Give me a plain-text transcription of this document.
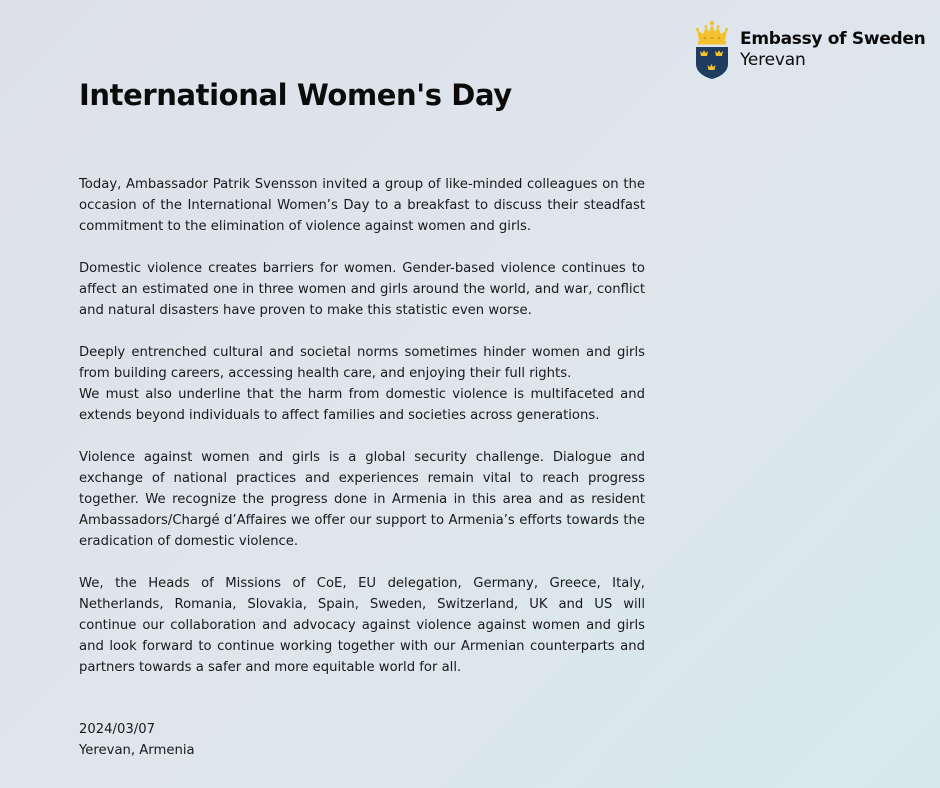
Embassy of Sweden
Yerevan
International Women's Day

Today, Ambassador Patrik Svensson invited a group of like-minded colleagues on the occasion of the International Women’s Day to a breakfast to discuss their steadfast commitment to the elimination of violence against women and girls.

Domestic violence creates barriers for women. Gender-based violence continues to affect an estimated one in three women and girls around the world, and war, conflict and natural disasters have proven to make this statistic even worse.

Deeply entrenched cultural and societal norms sometimes hinder women and girls from building careers, accessing health care, and enjoying their full rights.

We must also underline that the harm from domestic violence is multifaceted and extends beyond individuals to affect families and societies across generations.

Violence against women and girls is a global security challenge. Dialogue and exchange of national practices and experiences remain vital to reach progress together. We recognize the progress done in Armenia in this area and as resident Ambassadors/Chargé d’Affaires we offer our support to Armenia’s efforts towards the eradication of domestic violence.

We, the Heads of Missions of CoE, EU delegation, Germany, Greece, Italy, Netherlands, Romania, Slovakia, Spain, Sweden, Switzerland, UK and US will continue our collaboration and advocacy against violence against women and girls and look forward to continue working together with our Armenian counterparts and partners towards a safer and more equitable world for all.

2024/03/07
Yerevan, Armenia
